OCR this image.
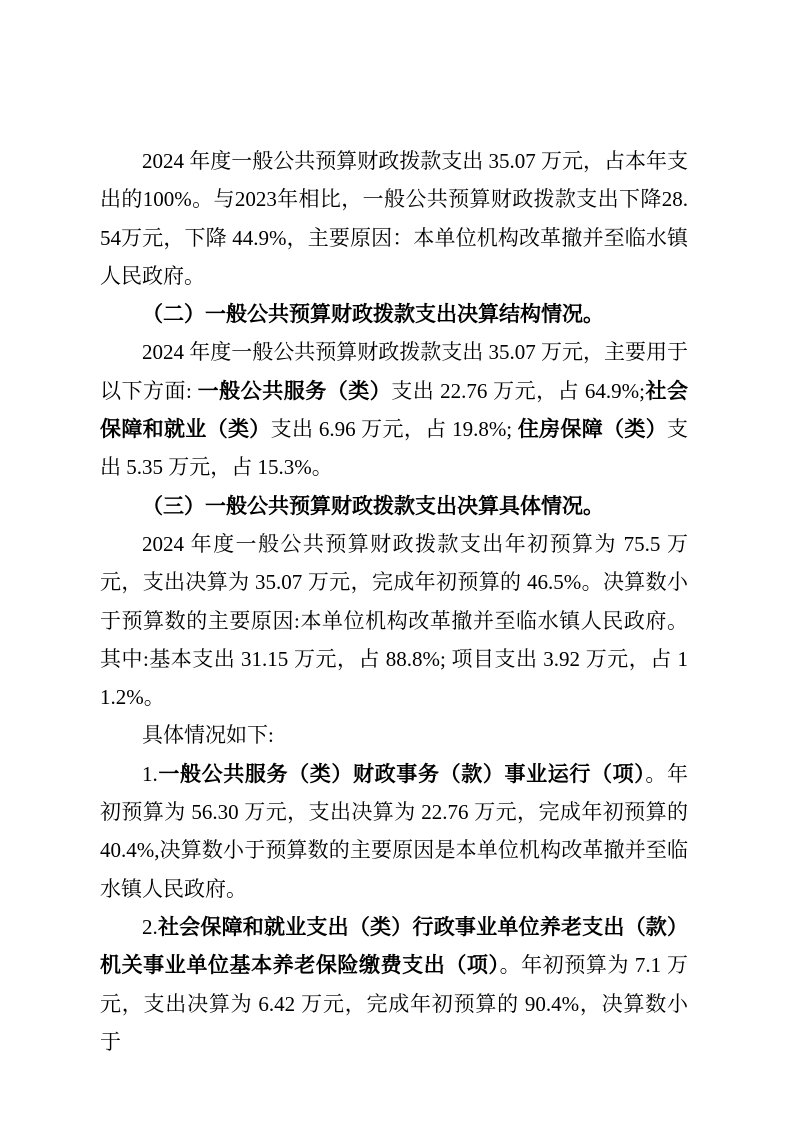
2024 年度一般公共预算财政拨款支出 35.07 万元，占本年支出的100%。与2023年相比，一般公共预算财政拨款支出下降28.54万元，下降 44.9%，主要原因：本单位机构改革撤并至临水镇人民政府。

（二）一般公共预算财政拨款支出决算结构情况。

2024 年度一般公共预算财政拨款支出 35.07 万元，主要用于以下方面: 一般公共服务（类）支出 22.76 万元，占 64.9%;社会保障和就业（类）支出 6.96 万元，占 19.8%; 住房保障（类）支出 5.35 万元，占 15.3%。

（三）一般公共预算财政拨款支出决算具体情况。

2024 年度一般公共预算财政拨款支出年初预算为 75.5 万元，支出决算为 35.07 万元，完成年初预算的 46.5%。决算数小于预算数的主要原因:本单位机构改革撤并至临水镇人民政府。其中:基本支出 31.15 万元，占 88.8%; 项目支出 3.92 万元，占 11.2%。

具体情况如下:

1.一般公共服务（类）财政事务（款）事业运行（项）。年初预算为 56.30 万元，支出决算为 22.76 万元，完成年初预算的 40.4%,决算数小于预算数的主要原因是本单位机构改革撤并至临水镇人民政府。

2.社会保障和就业支出（类）行政事业单位养老支出（款）机关事业单位基本养老保险缴费支出（项）。年初预算为 7.1 万元，支出决算为 6.42 万元，完成年初预算的 90.4%，决算数小于
